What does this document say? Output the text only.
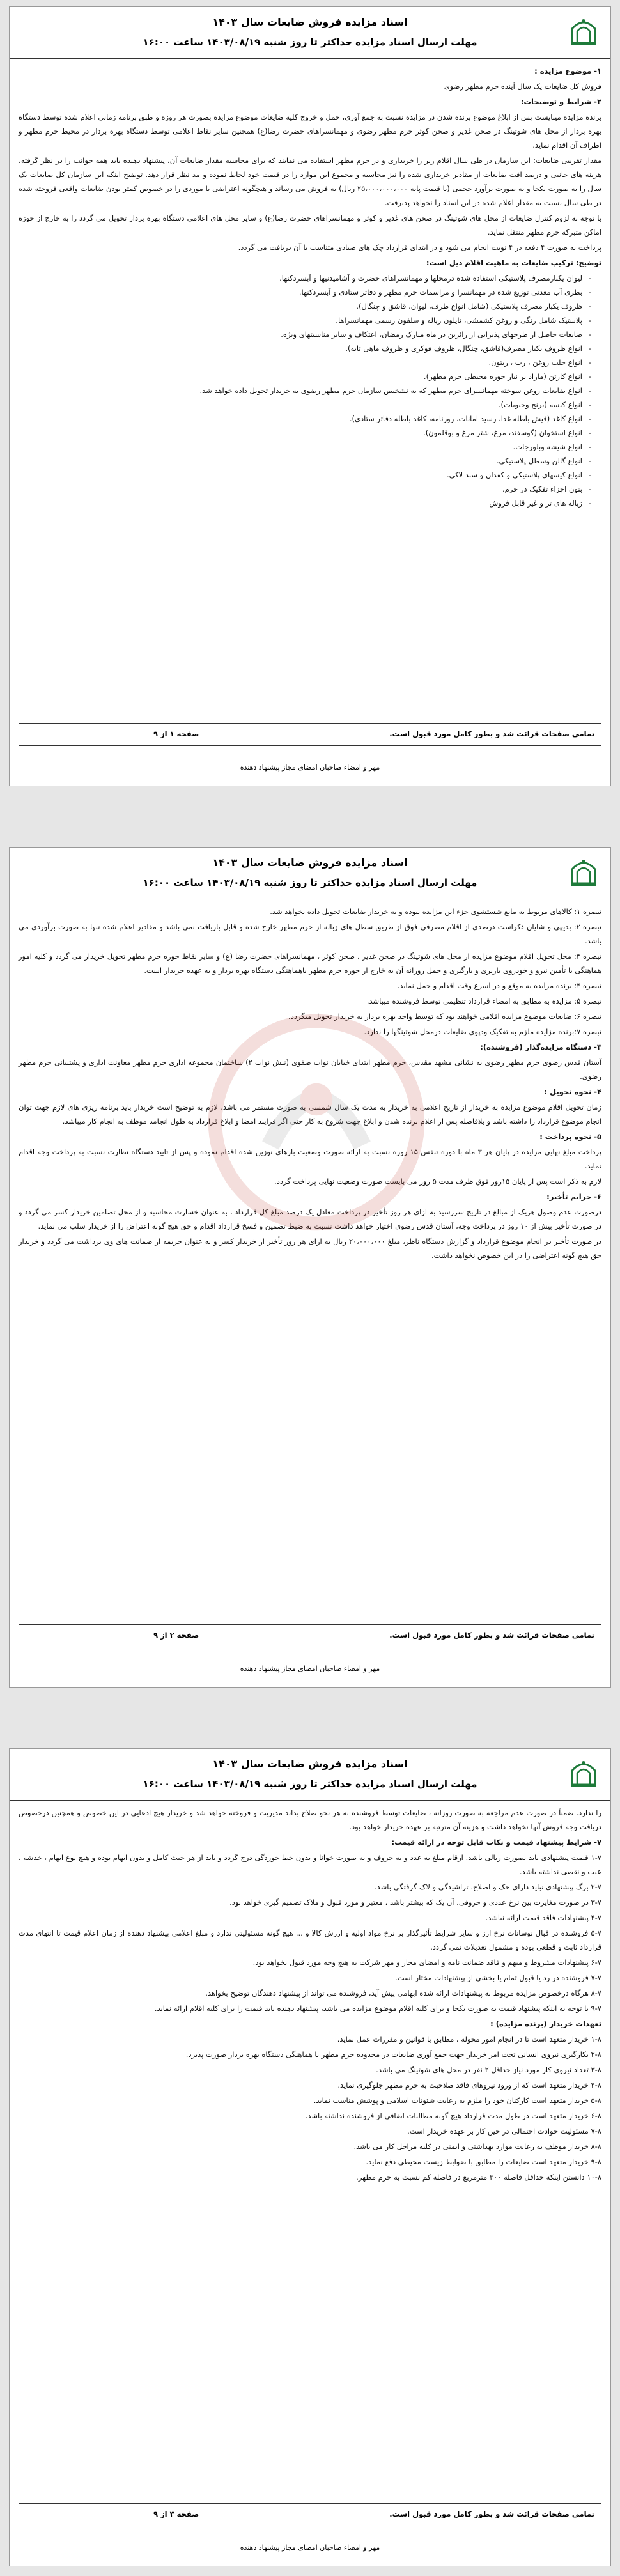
اسناد مزایده فروش ضایعات سال ۱۴۰۳
مهلت ارسال اسناد مزایده حداکثر تا روز شنبه ۱۴۰۳/۰۸/۱۹ ساعت ۱۶:۰۰

۱- موضوع مزایده :

فروش کل ضایعات یک سال آینده حرم مطهر رضوی

۲- شرایط و توضیحات:

برنده مزایده میبایست پس از ابلاغ موضوع برنده شدن در مزایده نسبت به جمع آوری، حمل و خروج کلیه ضایعات موضوع مزایده بصورت هر روزه و طبق برنامه زمانی اعلام شده توسط دستگاه بهره بردار از محل های شوتینگ در صحن غدیر و صحن کوثر حرم مطهر رضوی و مهمانسراهای حضرت رضا(ع) همچنین سایر نقاط اعلامی توسط دستگاه بهره بردار در محیط حرم مطهر و اطراف آن اقدام نماید.

مقدار تقریبی ضایعات: این سازمان در طی سال اقلام زیر را خریداری و در حرم مطهر استفاده می نمایند که برای محاسبه مقدار ضایعات آن، پیشنهاد دهنده باید همه جوانب را در نظر گرفته، هزینه های جانبی و درصد افت ضایعات از مقادیر خریداری شده را نیز محاسبه و مجموع این موارد را در قیمت خود لحاظ نموده و مد نظر قرار دهد. توضیح اینکه این سازمان کل ضایعات یک سال را به صورت یکجا و به صورت برآورد حجمی (با قیمت پایه ۲۵،۰۰۰،۰۰۰،۰۰۰ ریال) به فروش می رساند و هیچگونه اعتراضی با موردی را در خصوص کمتر بودن ضایعات واقعی فروخته شده در طی سال نسبت به مقدار اعلام شده در این اسناد را نخواهد پذیرفت.

با توجه به لزوم کنترل ضایعات از محل های شوتینگ در صحن های غدیر و کوثر و مهمانسراهای حضرت رضا(ع) و سایر محل های اعلامی دستگاه بهره بردار تحویل می گردد را به خارج از حوزه اماکن متبرکه حرم مطهر منتقل نماید.

پرداخت به صورت ۴ دفعه در ۴ نوبت انجام می شود و در ابتدای قرارداد چک های صیادی متناسب با آن دریافت می گردد.

توضیح: ترکیب ضایعات به ماهیت اقلام ذیل است:

- لیوان یکبارمصرف پلاستیکی استفاده شده درمحلها و مهمانسراهای حضرت و آشامیدنیها و آبسردکنها.
- بطری آب معدنی توزیع شده در مهمانسرا و مراسمات حرم مطهر و دفاتر ستادی و آبسردکنها.
- ظروف یکبار مصرف پلاستیکی (شامل انواع ظرف، لیوان، قاشق و چنگال).
- پلاستیک شامل زنگی و روغن کشمشی، نایلون زباله و سلفون رسمی مهمانسراها.
- ضایعات حاصل از طرحهای پذیرایی از زائرین در ماه مبارک رمضان، اعتکاف و سایر مناسبتهای ویژه.
- انواع ظروف یکبار مصرف(قاشق، چنگال، ظروف فوکری و ظروف ماهی تابه).
- انواع حلب روغن ، رب ، زیتون.
- انواع کارتن (مازاد بر نیاز حوزه محیطی حرم مطهر).
- انواع ضایعات روغن سوخته مهمانسرای حرم مطهر که به تشخیص سازمان حرم مطهر رضوی به خریدار تحویل داده خواهد شد.
- انواع کیسه (برنج وحبوبات).
- انواع کاغذ (فیش باطله غذا، رسید امانات، روزنامه، کاغذ باطله دفاتر ستادی).
- انواع استخوان (گوسفند، مرغ، شتر مرغ و بوقلمون).
- انواع شیشه وبلورجات.
- انواع گالن وسطل پلاستیکی.
- انواع کیسهای پلاستیکی و کفدان و سبد لاکی.
- بتون اجزاء تفکیک در حرم.
- زباله های تر و غیر قابل فروش
تمامی صفحات قرائت شد و بطور کامل مورد قبول است.
صفحه ۱ از ۹
مهر و امضاء صاحبان امضای مجاز پیشنهاد دهنده
اسناد مزایده فروش ضایعات سال ۱۴۰۳
مهلت ارسال اسناد مزایده حداکثر تا روز شنبه ۱۴۰۳/۰۸/۱۹ ساعت ۱۶:۰۰

تبصره ۱: کالاهای مربوط به مایع شستشوی جزء این مزایده نبوده و به خریدار ضایعات تحویل داده نخواهد شد.

تبصره ۲: بدیهی و شایان ذکراست درصدی از اقلام مصرفی فوق از طریق سطل های زباله از حرم مطهر خارج شده و قابل بازیافت نمی باشد و مقادیر اعلام شده تنها به صورت برآوردی می باشد.

تبصره ۳: محل تحویل اقلام موضوع مزایده از محل های شوتینگ در صحن غدیر ، صحن کوثر ، مهمانسراهای حضرت رضا (ع) و سایر نقاط حوزه حرم مطهر تحویل خریدار می گردد و کلیه امور هماهنگی با تأمین نیرو و خودروی باربری و بارگیری و حمل روزانه آن به خارج از حوزه حرم مطهر باهماهنگی دستگاه بهره بردار و به عهده خریدار است.

تبصره ۴: برنده مزایده به موقع و در اسرع وقت اقدام و حمل نماید.

تبصره ۵: مزایده به مطابق به امضاء قرارداد تنظیمی توسط فروشنده میباشد.

تبصره ۶: ضایعات موضوع مزایده اقلامی خواهند بود که توسط واحد بهره بردار به خریدار تحویل میگردد.

تبصره ۷:برنده مزایده ملزم به تفکیک ودپوی ضایعات درمحل شوتینگها را ندارد.

۳- دستگاه مزایده‌گذار (فروشنده):

آستان قدس رضوی حرم مطهر رضوی به نشانی مشهد مقدس، حرم مطهر ابتدای خیابان نواب صفوی (نبش نواب ۲) ساختمان مجموعه اداری حرم مطهر معاونت اداری و پشتیبانی حرم مطهر رضوی.

۴- نحوه تحویل :

زمان تحویل اقلام موضوع مزایده به خریدار از تاریخ اعلامی به خریدار به مدت یک سال شمسی به صورت مستمر می باشد. لازم به توضیح است خریدار باید برنامه ریزی های لازم جهت توان انجام موضوع قرارداد را داشته باشد و بلافاصله پس از اعلام برنده شدن و ابلاغ جهت شروع به کار حتی اگر فرایند امضا و ابلاغ قرارداد به طول انجامد موظف به انجام کار میباشد.

۵- نحوه پرداخت :

پرداخت مبلغ نهایی مزایده در پایان هر ۳ ماه با دوره تنفس ۱۵ روزه نسبت به ارائه صورت وضعیت بازهای نوزین شده اقدام نموده و پس از تایید دستگاه نظارت نسبت به پرداخت وجه اقدام نماید.

لازم به ذکر است پس از پایان ۱۵روز فوق ظرف مدت ۵ روز می بایست صورت وضعیت نهایی پرداخت گردد.

۶- جرایم تأخیر:

درصورت عدم وصول هریک از مبالغ در تاریخ سررسید به ازای هر روز تأخیر در پرداخت معادل یک درصد مبلغ کل قرارداد ، به عنوان خسارت محاسبه و از محل تضامین خریدار کسر می گردد و در صورت تأخیر بیش از ۱۰ روز در پرداخت وجه، آستان قدس رضوی اختیار خواهد داشت نسبت به ضبط تضمین و فسخ قرارداد اقدام و حق هیچ گونه اعتراض را از خریدار سلب می نماید.

در صورت تأخیر در انجام موضوع قرارداد و گزارش دستگاه ناظر، مبلغ ۲۰،۰۰۰،۰۰۰ ریال به ازای هر روز تأخیر از خریدار کسر و به عنوان جریمه از ضمانت های وی برداشت می گردد و خریدار حق هیچ گونه اعتراضی را در این خصوص نخواهد داشت.

تمامی صفحات قرائت شد و بطور کامل مورد قبول است.
صفحه ۲ از ۹
مهر و امضاء صاحبان امضای مجاز پیشنهاد دهنده
اسناد مزایده فروش ضایعات سال ۱۴۰۳
مهلت ارسال اسناد مزایده حداکثر تا روز شنبه ۱۴۰۳/۰۸/۱۹ ساعت ۱۶:۰۰

را ندارد. ضمناً در صورت عدم مراجعه به صورت روزانه ، ضایعات توسط فروشنده به هر نحو صلاح بداند مدیریت و فروخته خواهد شد و خریدار هیچ ادعایی در این خصوص و همچنین درخصوص دریافت وجه فروش آنها نخواهد داشت و هزینه آن مترتبه بر عهده خریدار خواهد بود.

۷- شرایط پیشنهاد قیمت و نکات قابل توجه در ارائه قیمت:

۱-۷ قیمت پیشنهادی باید بصورت ریالی باشد. ارقام مبلغ به عدد و به حروف و به صورت خوانا و بدون خط خوردگی درج گردد و باید از هر حیث کامل و بدون ابهام بوده و هیچ نوع ابهام ، خدشه ، عیب و نقصی نداشته باشد.

۲-۷ برگ پیشنهادی نباید دارای حک و اصلاح، تراشیدگی و لاک گرفتگی باشد.

۳-۷ در صورت مغایرت بین نرخ عددی و حروفی، آن یک که بیشتر باشد ، معتبر و مورد قبول و ملاک تصمیم گیری خواهد بود.

۴-۷ پیشنهادات فاقد قیمت ارائه نباشد.

۵-۷ فروشنده در قبال نوسانات نرخ ارز و سایر شرایط تأثیرگذار بر نرخ مواد اولیه و ارزش کالا و ... هیچ گونه مسئولیتی ندارد و مبلغ اعلامی پیشنهاد دهنده از زمان اعلام قیمت تا انتهای مدت قرارداد ثابت و قطعی بوده و مشمول تعدیلات نمی گردد.

۶-۷ پیشنهادات مشروط و مبهم و فاقد ضمانت نامه و امضای مجاز و مهر شرکت به هیچ وجه مورد قبول نخواهد بود.

۷-۷ فروشنده در رد یا قبول تمام یا بخشی از پیشنهادات مختار است.

۸-۷ هرگاه درخصوص مزایده مربوط به پیشنهادات ارائه شده ابهامی پیش آید، فروشنده می تواند از پیشنهاد دهندگان توضیح بخواهد.

۹-۷ با توجه به اینکه پیشنهاد قیمت به صورت یکجا و برای کلیه اقلام موضوع مزایده می باشد، پیشنهاد دهنده باید قیمت را برای کلیه اقلام ارائه نماید.

تعهدات خریدار (برنده مزایده) :

۱-۸ خریدار متعهد است تا در انجام امور محوله ، مطابق با قوانین و مقررات عمل نماید.

۲-۸ بکارگیری نیروی انسانی تحت امر خریدار جهت جمع آوری ضایعات در محدوده حرم مطهر با هماهنگی دستگاه بهره بردار صورت پذیرد.

۳-۸ تعداد نیروی کار مورد نیاز حداقل ۲ نفر در محل های شوتینگ می باشد.

۴-۸ خریدار متعهد است که از ورود نیروهای فاقد صلاحیت به حرم مطهر جلوگیری نماید.

۵-۸ خریدار متعهد است کارکنان خود را ملزم به رعایت شئونات اسلامی و پوشش مناسب نماید.

۶-۸ خریدار متعهد است در طول مدت قرارداد هیچ گونه مطالبات اضافی از فروشنده نداشته باشد.

۷-۸ مسئولیت حوادث احتمالی در حین کار بر عهده خریدار است.

۸-۸ خریدار موظف به رعایت موارد بهداشتی و ایمنی در کلیه مراحل کار می باشد.

۹-۸ خریدار متعهد است ضایعات را مطابق با ضوابط زیست محیطی دفع نماید.

۱۰-۸ دانستن اینکه حداقل فاصله ۳۰۰ مترمربع در فاصله کم نسبت به حرم مطهر.

تمامی صفحات قرائت شد و بطور کامل مورد قبول است.
صفحه ۳ از ۹
مهر و امضاء صاحبان امضای مجاز پیشنهاد دهنده
